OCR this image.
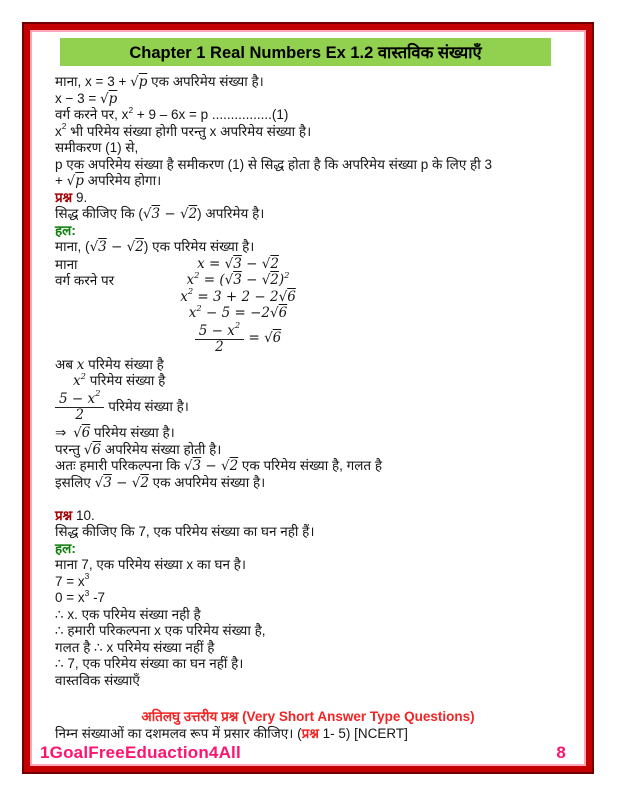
Chapter 1 Real Numbers Ex 1.2 वास्तविक संख्याएँ
माना, x = 3 + √p एक अपरिमेय संख्या है।
x − 3 = √p
वर्ग करने पर, $x^2 + 9 - 6x = p$ ................(1)
$x^2$ भी परिमेय संख्या होगी परन्तु x अपरिमेय संख्या है।
समीकरण (1) से,
p एक अपरिमेय संख्या है समीकरण (1) से सिद्ध होता है कि अपरिमेय संख्या p के लिए ही 3
+ √p अपरिमेय होगा।
प्रश्न 9.
सिद्ध कीजिए कि (√3 − √2) अपरिमेय है।
हल:
माना, (√3 − √2) एक परिमेय संख्या है।
माना	x = √3 − √2
वर्ग करने पर	$x^2 = (√3 - √2)^2$
$x^2 = 3 + 2 - 2√6$
$x^2 - 5 = -2√6$
$\frac{5 - x^2}{2} = √6$
अब x परिमेय संख्या है
$x^2$ परिमेय संख्या है
$\frac{5 - x^2}{2}$ परिमेय संख्या है।
⇒ √6 परिमेय संख्या है।
परन्तु √6 अपरिमेय संख्या होती है।
अतः हमारी परिकल्पना कि √3 − √2 एक परिमेय संख्या है, गलत है
इसलिए √3 − √2 एक अपरिमेय संख्या है।

प्रश्न 10.
सिद्ध कीजिए कि 7, एक परिमेय संख्या का घन नही हैं।
हल:
माना 7, एक परिमेय संख्या x का घन है।
$7 = x^3$
$0 = x^3$ -7
∴ x. एक परिमेय संख्या नही है
∴ हमारी परिकल्पना x एक परिमेय संख्या है,
गलत है ∴ x परिमेय संख्या नहीं है
∴ 7, एक परिमेय संख्या का घन नहीं है।
वास्तविक संख्याएँ

अतिलघु उत्तरीय प्रश्न (Very Short Answer Type Questions)
निम्न संख्याओं का दशमलव रूप में प्रसार कीजिए। (प्रश्न 1- 5) [NCERT]
1GoalFreeEduaction4All	8
